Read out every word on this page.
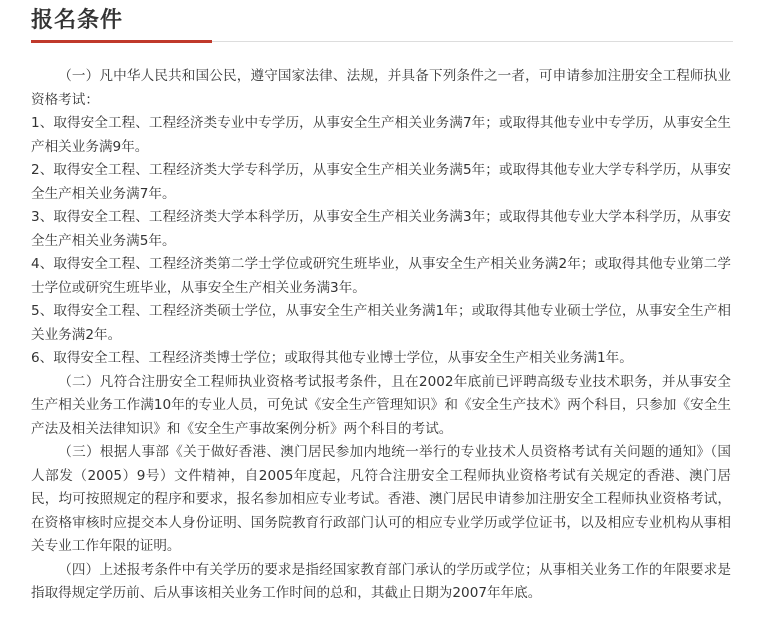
报名条件

（一）凡中华人民共和国公民，遵守国家法律、法规，并具备下列条件之一者，可申请参加注册安全工程师执业资格考试：

1、取得安全工程、工程经济类专业中专学历，从事安全生产相关业务满7年；或取得其他专业中专学历，从事安全生产相关业务满9年。

2、取得安全工程、工程经济类大学专科学历，从事安全生产相关业务满5年；或取得其他专业大学专科学历，从事安全生产相关业务满7年。

3、取得安全工程、工程经济类大学本科学历，从事安全生产相关业务满3年；或取得其他专业大学本科学历，从事安全生产相关业务满5年。

4、取得安全工程、工程经济类第二学士学位或研究生班毕业，从事安全生产相关业务满2年；或取得其他专业第二学士学位或研究生班毕业，从事安全生产相关业务满3年。

5、取得安全工程、工程经济类硕士学位，从事安全生产相关业务满1年；或取得其他专业硕士学位，从事安全生产相关业务满2年。

6、取得安全工程、工程经济类博士学位；或取得其他专业博士学位，从事安全生产相关业务满1年。

（二）凡符合注册安全工程师执业资格考试报考条件，且在2002年底前已评聘高级专业技术职务，并从事安全生产相关业务工作满10年的专业人员，可免试《安全生产管理知识》和《安全生产技术》两个科目，只参加《安全生产法及相关法律知识》和《安全生产事故案例分析》两个科目的考试。

（三）根据人事部《关于做好香港、澳门居民参加内地统一举行的专业技术人员资格考试有关问题的通知》（国人部发（2005）9号）文件精神，自2005年度起，凡符合注册安全工程师执业资格考试有关规定的香港、澳门居民，均可按照规定的程序和要求，报名参加相应专业考试。香港、澳门居民申请参加注册安全工程师执业资格考试，在资格审核时应提交本人身份证明、国务院教育行政部门认可的相应专业学历或学位证书，以及相应专业机构从事相关专业工作年限的证明。

（四）上述报考条件中有关学历的要求是指经国家教育部门承认的学历或学位；从事相关业务工作的年限要求是指取得规定学历前、后从事该相关业务工作时间的总和，其截止日期为2007年年底。
